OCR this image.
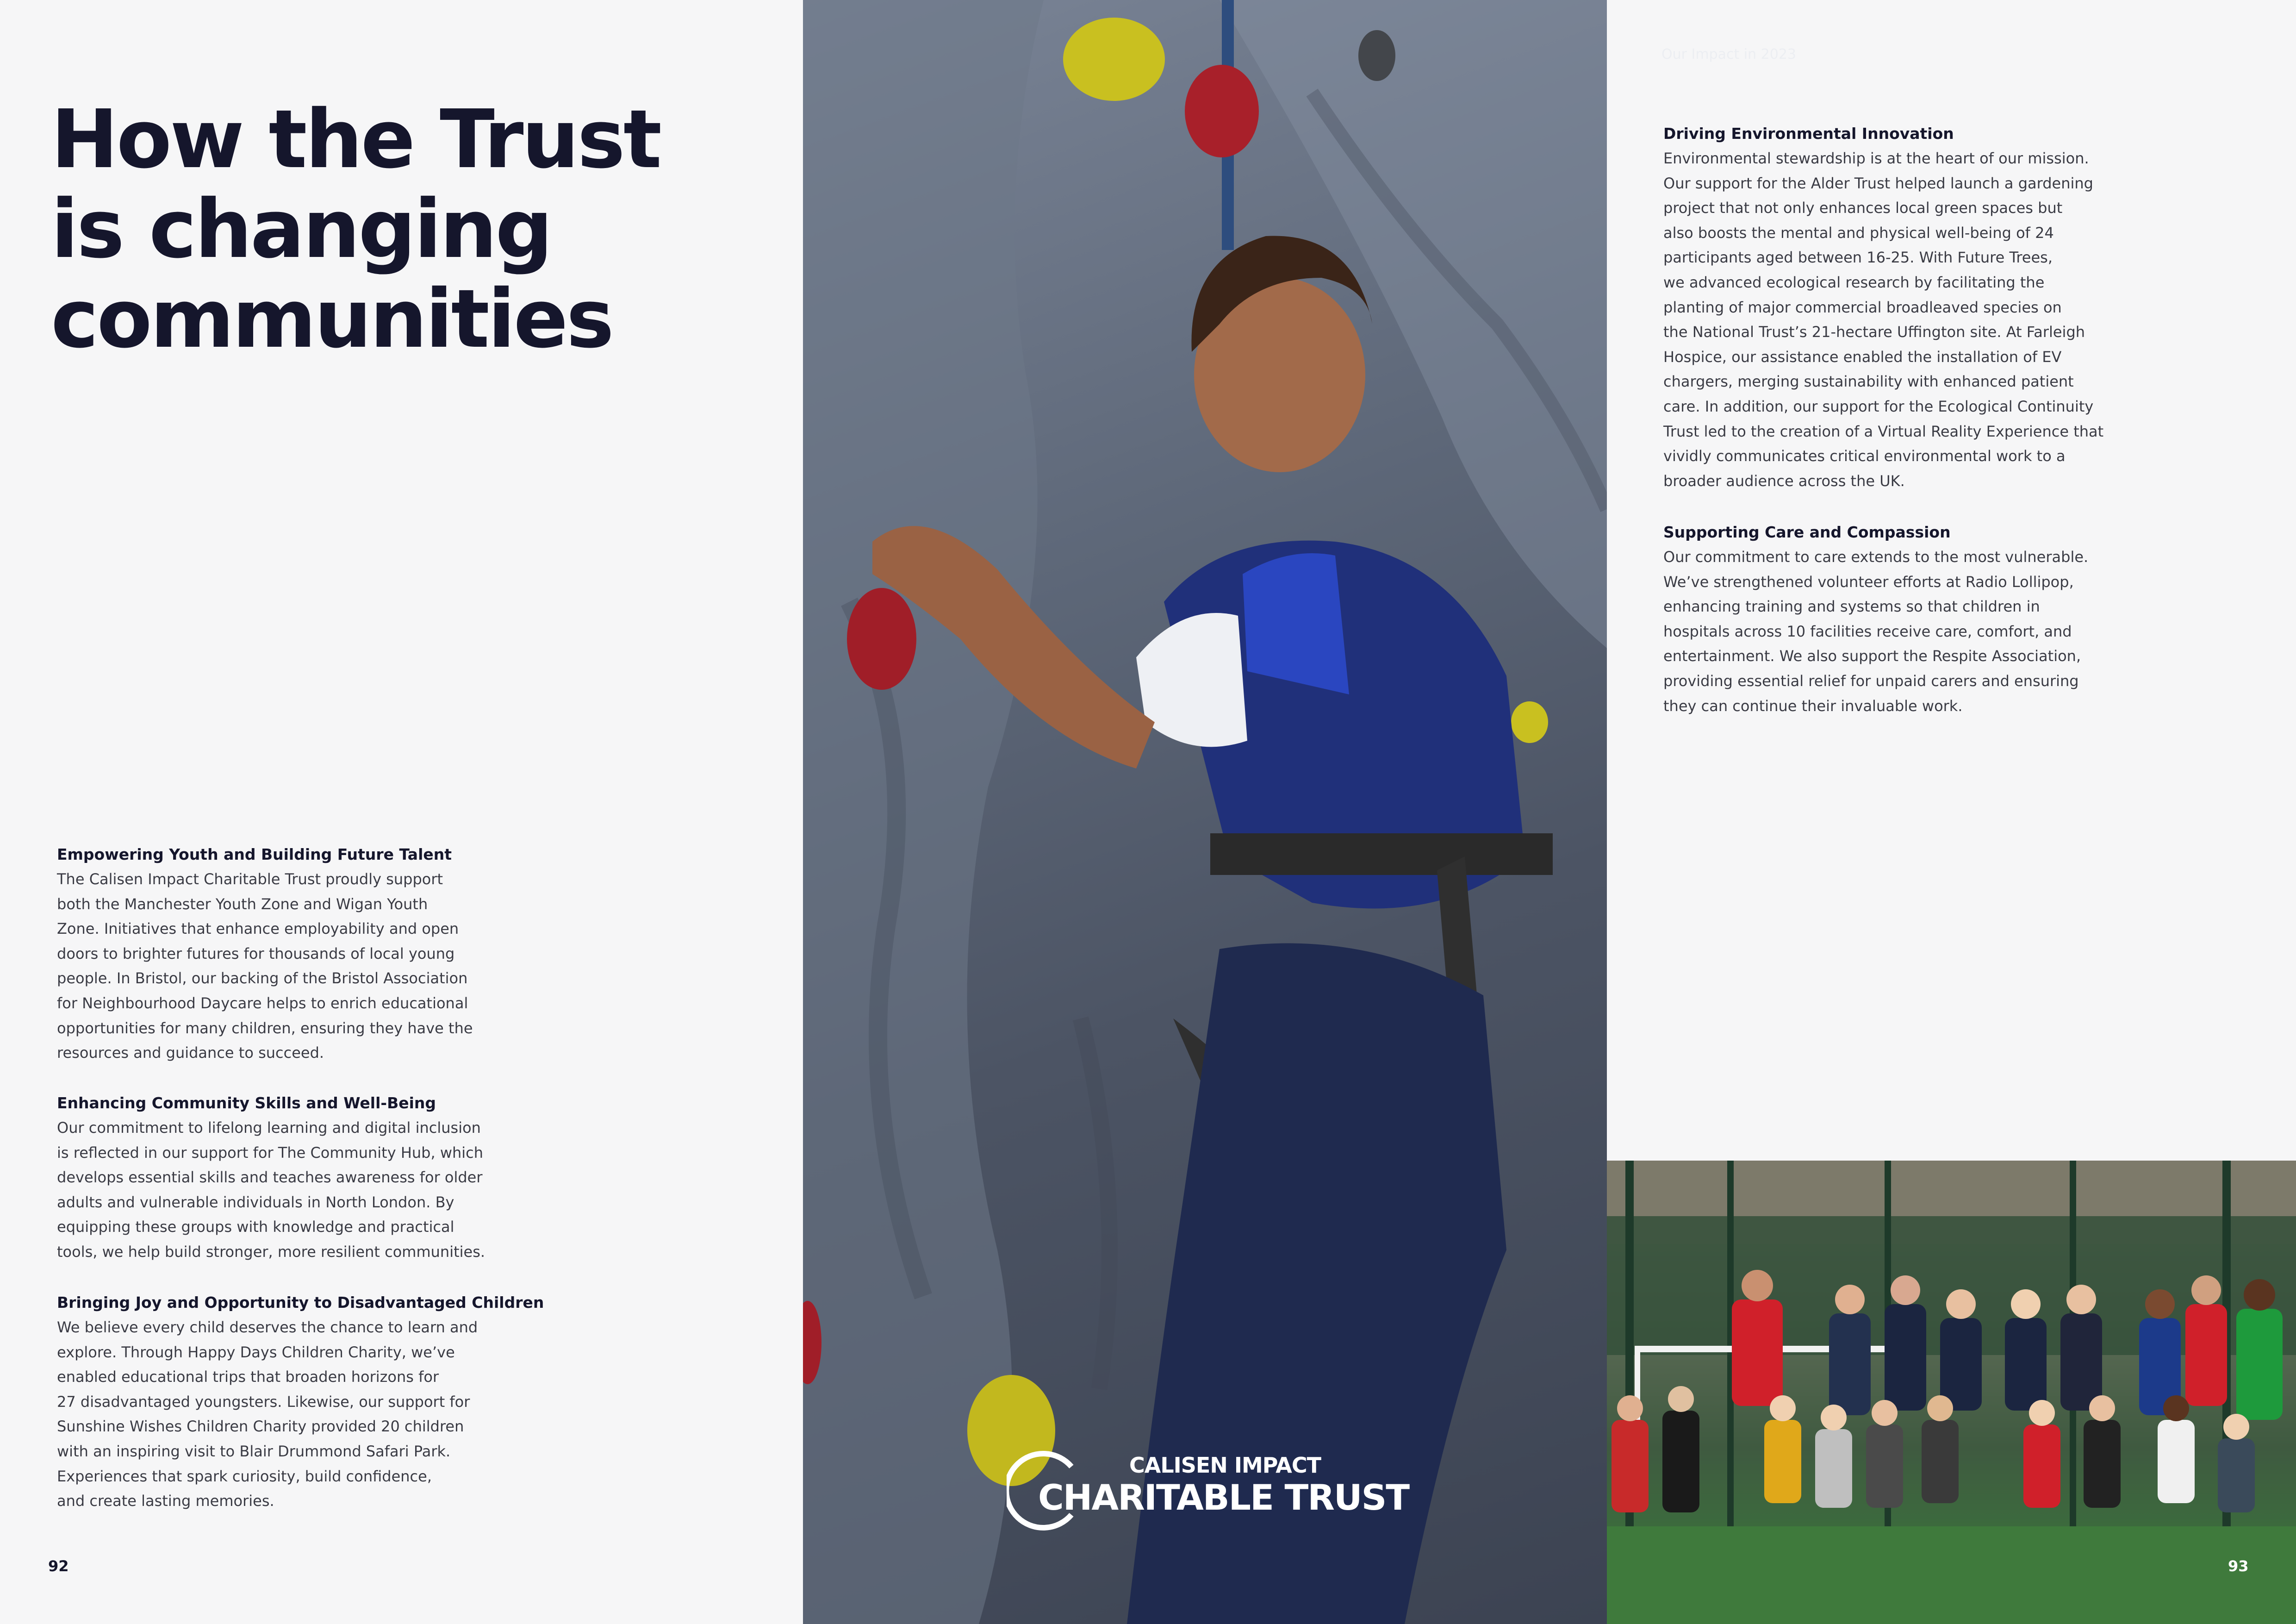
How the Trust
is changing
communities
Empowering Youth and Building Future Talent

The Calisen Impact Charitable Trust proudly support
both the Manchester Youth Zone and Wigan Youth
Zone. Initiatives that enhance employability and open
doors to brighter futures for thousands of local young
people. In Bristol, our backing of the Bristol Association
for Neighbourhood Daycare helps to enrich educational
opportunities for many children, ensuring they have the
resources and guidance to succeed.

Enhancing Community Skills and Well-Being

Our commitment to lifelong learning and digital inclusion
is reflected in our support for The Community Hub, which
develops essential skills and teaches awareness for older
adults and vulnerable individuals in North London. By
equipping these groups with knowledge and practical
tools, we help build stronger, more resilient communities.

Bringing Joy and Opportunity to Disadvantaged Children

We believe every child deserves the chance to learn and
explore. Through Happy Days Children Charity, we’ve
enabled educational trips that broaden horizons for
27 disadvantaged youngsters. Likewise, our support for
Sunshine Wishes Children Charity provided 20 children
with an inspiring visit to Blair Drummond Safari Park.
Experiences that spark curiosity, build confidence,
and create lasting memories.

92
CALISEN IMPACT
CHARITABLE TRUST
Our Impact in 2023
Driving Environmental Innovation

Environmental stewardship is at the heart of our mission.
Our support for the Alder Trust helped launch a gardening
project that not only enhances local green spaces but
also boosts the mental and physical well-being of 24
participants aged between 16-25. With Future Trees,
we advanced ecological research by facilitating the
planting of major commercial broadleaved species on
the National Trust’s 21-hectare Uffington site. At Farleigh
Hospice, our assistance enabled the installation of EV
chargers, merging sustainability with enhanced patient
care. In addition, our support for the Ecological Continuity
Trust led to the creation of a Virtual Reality Experience that
vividly communicates critical environmental work to a
broader audience across the UK.

Supporting Care and Compassion

Our commitment to care extends to the most vulnerable.
We’ve strengthened volunteer efforts at Radio Lollipop,
enhancing training and systems so that children in
hospitals across 10 facilities receive care, comfort, and
entertainment. We also support the Respite Association,
providing essential relief for unpaid carers and ensuring
they can continue their invaluable work.

93
